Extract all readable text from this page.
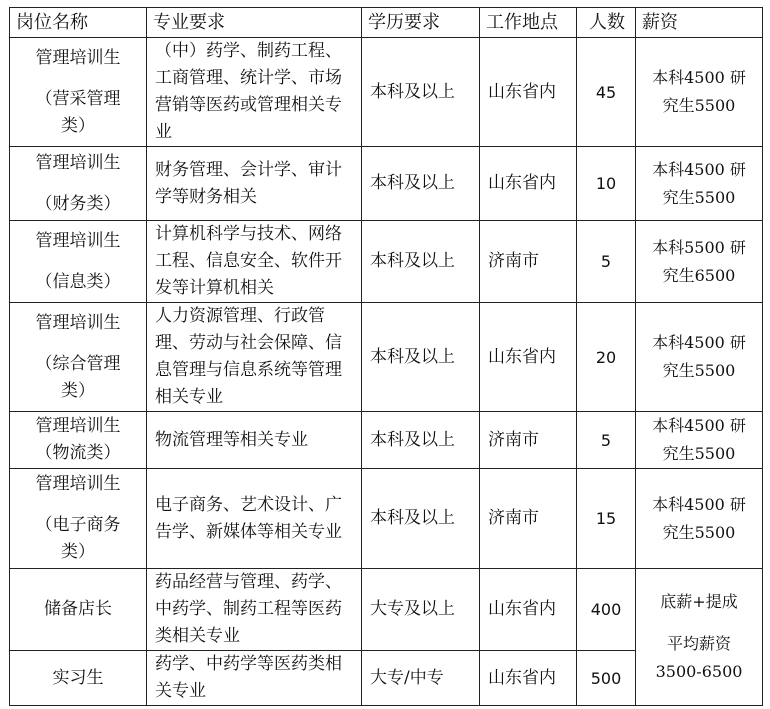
岗位名称	专业要求	学历要求	工作地点	人数	薪资

管理培训生
（营采管理
类）	（中）药学、制药工程、工商管理、统计学、市场营销等医药或管理相关专业	本科及以上	山东省内	45	本科4500 研
究生5500

管理培训生
（财务类）	财务管理、会计学、审计学等财务相关	本科及以上	山东省内	10	本科4500 研
究生5500

管理培训生
（信息类）	计算机科学与技术、网络工程、信息安全、软件开发等计算机相关	本科及以上	济南市	5	本科5500 研
究生6500

管理培训生
（综合管理
类）	人力资源管理、行政管理、劳动与社会保障、信息管理与信息系统等管理相关专业	本科及以上	山东省内	20	本科4500 研
究生5500

管理培训生
（物流类）	物流管理等相关专业	本科及以上	济南市	5	本科4500 研
究生5500

管理培训生
（电子商务
类）	电子商务、艺术设计、广告学、新媒体等相关专业	本科及以上	济南市	15	本科4500 研
究生5500

储备店长	药品经营与管理、药学、中药学、制药工程等医药类相关专业	大专及以上	山东省内	400	底薪+提成
平均薪资
3500-6500

实习生	药学、中药学等医药类相关专业	大专/中专	山东省内	500	
